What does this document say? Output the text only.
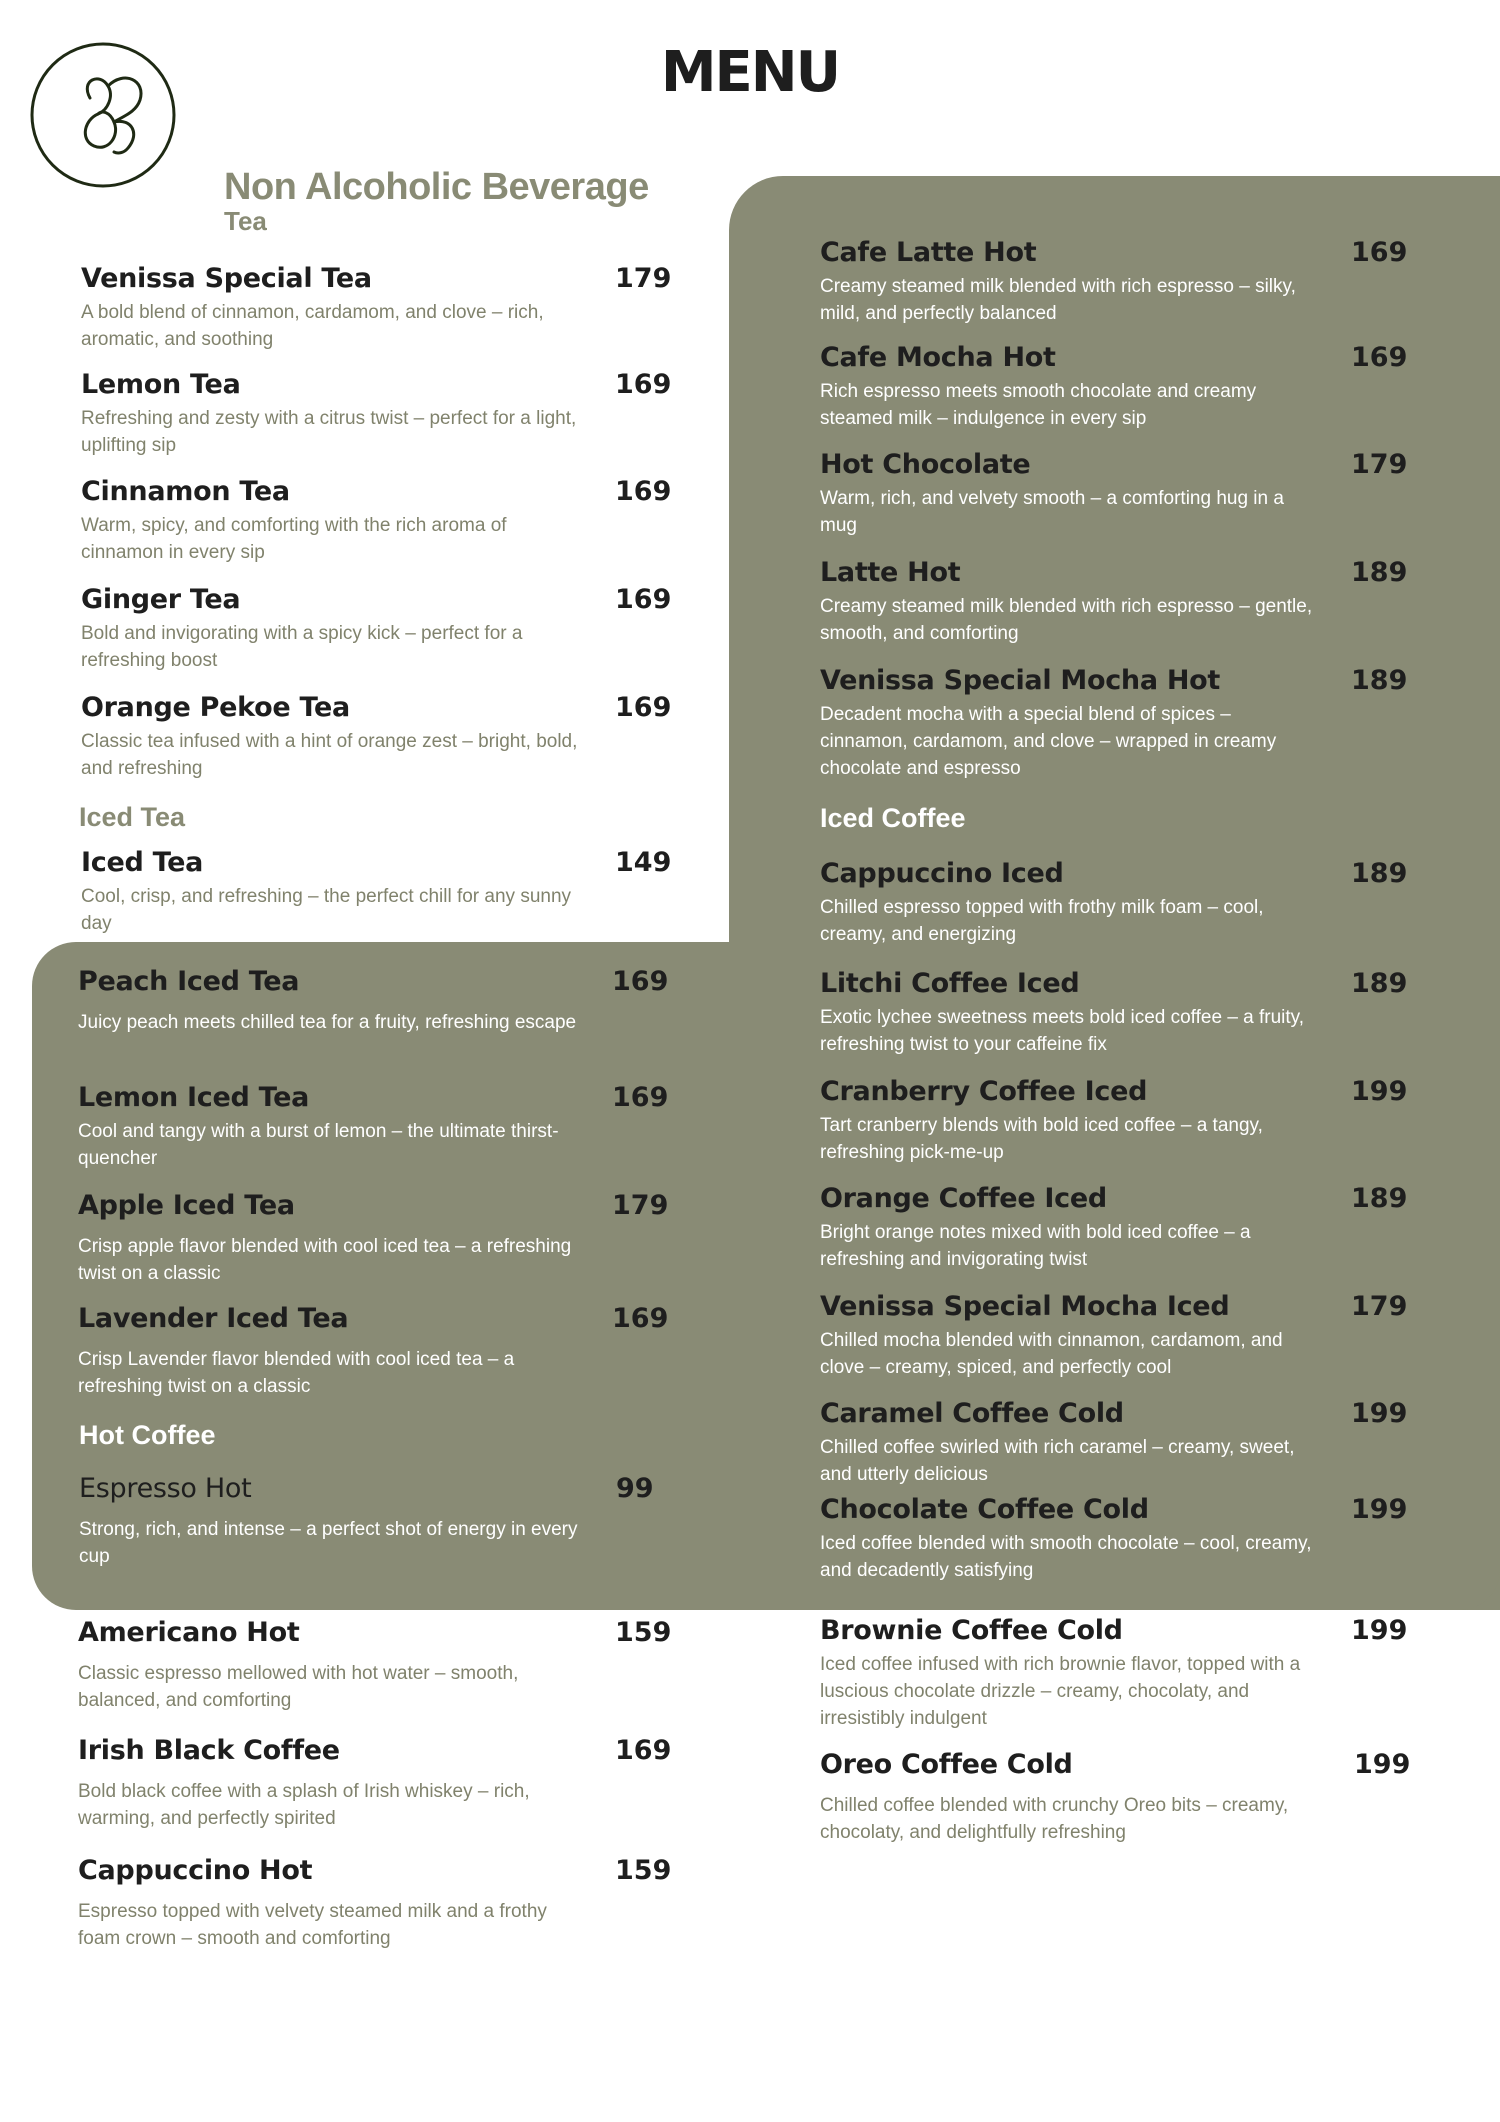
MENU
Non Alcoholic Beverage
Tea
Venissa Special Tea	179
A bold blend of cinnamon, cardamom, and clove – rich, aromatic, and soothing
Lemon Tea	169
Refreshing and zesty with a citrus twist – perfect for a light, uplifting sip
Cinnamon Tea	169
Warm, spicy, and comforting with the rich aroma of cinnamon in every sip
Ginger Tea	169
Bold and invigorating with a spicy kick – perfect for a refreshing boost
Orange Pekoe Tea	169
Classic tea infused with a hint of orange zest – bright, bold, and refreshing
Iced Tea
Iced Tea	149
Cool, crisp, and refreshing – the perfect chill for any sunny day
Peach Iced Tea	169
Juicy peach meets chilled tea for a fruity, refreshing escape
Lemon Iced Tea	169
Cool and tangy with a burst of lemon – the ultimate thirst-quencher
Apple Iced Tea	179
Crisp apple flavor blended with cool iced tea – a refreshing twist on a classic
Lavender Iced Tea	169
Crisp Lavender flavor blended with cool iced tea – a refreshing twist on a classic
Hot Coffee
Espresso Hot	99
Strong, rich, and intense – a perfect shot of energy in every cup
Americano Hot	159
Classic espresso mellowed with hot water – smooth, balanced, and comforting
Irish Black Coffee	169
Bold black coffee with a splash of Irish whiskey – rich, warming, and perfectly spirited
Cappuccino Hot	159
Espresso topped with velvety steamed milk and a frothy foam crown – smooth and comforting
Cafe Latte Hot	169
Creamy steamed milk blended with rich espresso – silky, mild, and perfectly balanced
Cafe Mocha Hot	169
Rich espresso meets smooth chocolate and creamy steamed milk – indulgence in every sip
Hot Chocolate	179
Warm, rich, and velvety smooth – a comforting hug in a mug
Latte Hot	189
Creamy steamed milk blended with rich espresso – gentle, smooth, and comforting
Venissa Special Mocha Hot	189
Decadent mocha with a special blend of spices – cinnamon, cardamom, and clove – wrapped in creamy chocolate and espresso
Iced Coffee
Cappuccino Iced	189
Chilled espresso topped with frothy milk foam – cool, creamy, and energizing
Litchi Coffee Iced	189
Exotic lychee sweetness meets bold iced coffee – a fruity, refreshing twist to your caffeine fix
Cranberry Coffee Iced	199
Tart cranberry blends with bold iced coffee – a tangy, refreshing pick-me-up
Orange Coffee Iced	189
Bright orange notes mixed with bold iced coffee – a refreshing and invigorating twist
Venissa Special Mocha Iced	179
Chilled mocha blended with cinnamon, cardamom, and clove – creamy, spiced, and perfectly cool
Caramel Coffee Cold	199
Chilled coffee swirled with rich caramel – creamy, sweet, and utterly delicious
Chocolate Coffee Cold	199
Iced coffee blended with smooth chocolate – cool, creamy, and decadently satisfying
Brownie Coffee Cold	199
Iced coffee infused with rich brownie flavor, topped with a luscious chocolate drizzle – creamy, chocolaty, and irresistibly indulgent
Oreo Coffee Cold	199
Chilled coffee blended with crunchy Oreo bits – creamy, chocolaty, and delightfully refreshing
